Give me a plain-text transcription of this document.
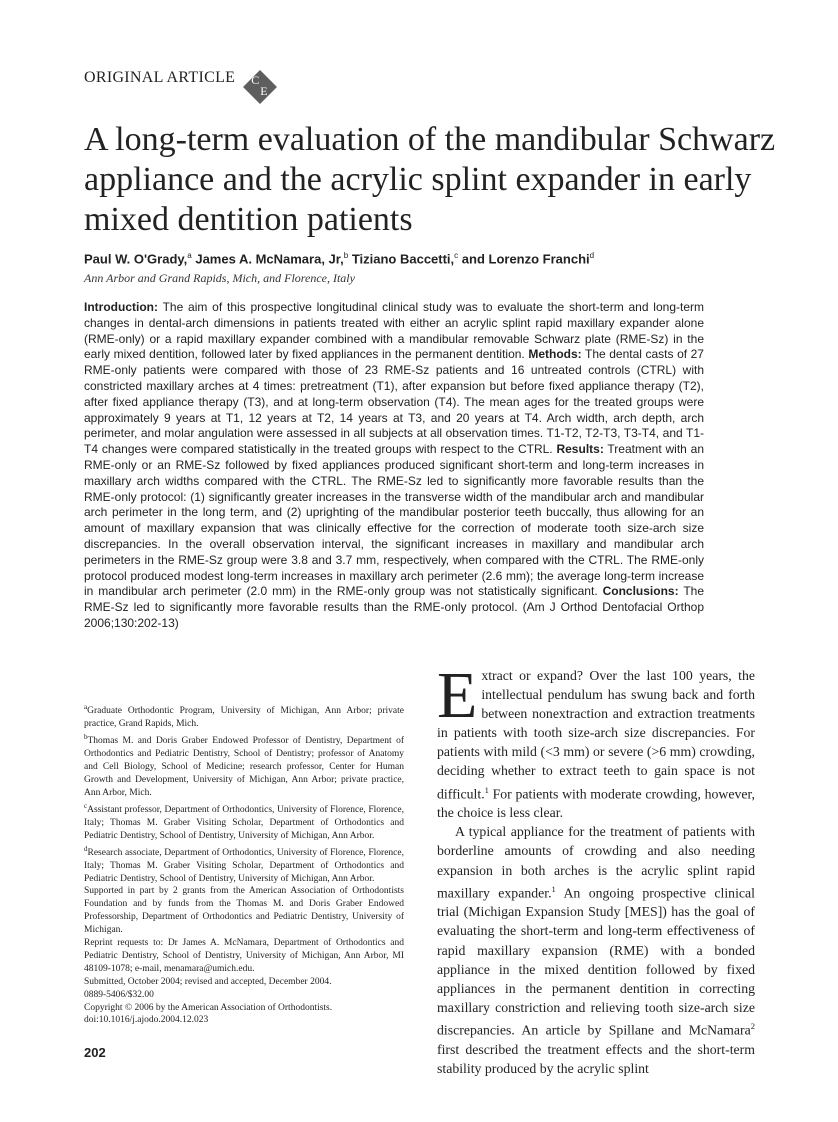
ORIGINAL ARTICLE C
E
A long-term evaluation of the mandibular Schwarz appliance and the acrylic splint expander in early mixed dentition patients
Paul W. O'Grady,$^a$ James A. McNamara, Jr,$^b$ Tiziano Baccetti,$^c$ and Lorenzo Franchi$^d$
Ann Arbor and Grand Rapids, Mich, and Florence, Italy

Introduction: The aim of this prospective longitudinal clinical study was to evaluate the short-term and long-term changes in dental-arch dimensions in patients treated with either an acrylic splint rapid maxillary expander alone (RME-only) or a rapid maxillary expander combined with a mandibular removable Schwarz plate (RME-Sz) in the early mixed dentition, followed later by fixed appliances in the permanent dentition. Methods: The dental casts of 27 RME-only patients were compared with those of 23 RME-Sz patients and 16 untreated controls (CTRL) with constricted maxillary arches at 4 times: pretreatment (T1), after expansion but before fixed appliance therapy (T2), after fixed appliance therapy (T3), and at long-term observation (T4). The mean ages for the treated groups were approximately 9 years at T1, 12 years at T2, 14 years at T3, and 20 years at T4. Arch width, arch depth, arch perimeter, and molar angulation were assessed in all subjects at all observation times. T1-T2, T2-T3, T3-T4, and T1-T4 changes were compared statistically in the treated groups with respect to the CTRL. Results: Treatment with an RME-only or an RME-Sz followed by fixed appliances produced significant short-term and long-term increases in maxillary arch widths compared with the CTRL. The RME-Sz led to significantly more favorable results than the RME-only protocol: (1) significantly greater increases in the transverse width of the mandibular arch and mandibular arch perimeter in the long term, and (2) uprighting of the mandibular posterior teeth buccally, thus allowing for an amount of maxillary expansion that was clinically effective for the correction of moderate tooth size-arch size discrepancies. In the overall observation interval, the significant increases in maxillary and mandibular arch perimeters in the RME-Sz group were 3.8 and 3.7 mm, respectively, when compared with the CTRL. The RME-only protocol produced modest long-term increases in maxillary arch perimeter (2.6 mm); the average long-term increase in mandibular arch perimeter (2.0 mm) in the RME-only group was not statistically significant. Conclusions: The RME-Sz led to significantly more favorable results than the RME-only protocol. (Am J Orthod Dentofacial Orthop 2006;130:202-13)

$^a$Graduate Orthodontic Program, University of Michigan, Ann Arbor; private practice, Grand Rapids, Mich.

$^b$Thomas M. and Doris Graber Endowed Professor of Dentistry, Department of Orthodontics and Pediatric Dentistry, School of Dentistry; professor of Anatomy and Cell Biology, School of Medicine; research professor, Center for Human Growth and Development, University of Michigan, Ann Arbor; private practice, Ann Arbor, Mich.

$^c$Assistant professor, Department of Orthodontics, University of Florence, Florence, Italy; Thomas M. Graber Visiting Scholar, Department of Orthodontics and Pediatric Dentistry, School of Dentistry, University of Michigan, Ann Arbor.

$^d$Research associate, Department of Orthodontics, University of Florence, Florence, Italy; Thomas M. Graber Visiting Scholar, Department of Orthodontics and Pediatric Dentistry, School of Dentistry, University of Michigan, Ann Arbor.

Supported in part by 2 grants from the American Association of Orthodontists Foundation and by funds from the Thomas M. and Doris Graber Endowed Professorship, Department of Orthodontics and Pediatric Dentistry, University of Michigan.

Reprint requests to: Dr James A. McNamara, Department of Orthodontics and Pediatric Dentistry, School of Dentistry, University of Michigan, Ann Arbor, MI 48109-1078; e-mail, menamara@umich.edu.

Submitted, October 2004; revised and accepted, December 2004.

0889-5406/$32.00

Copyright © 2006 by the American Association of Orthodontists.

doi:10.1016/j.ajodo.2004.12.023

Extract or expand? Over the last 100 years, the intellectual pendulum has swung back and forth between nonextraction and extraction treatments in patients with tooth size-arch size discrepancies. For patients with mild (<3 mm) or severe (>6 mm) crowding, deciding whether to extract teeth to gain space is not difficult.$^1$ For patients with moderate crowding, however, the choice is less clear.

A typical appliance for the treatment of patients with borderline amounts of crowding and also needing expansion in both arches is the acrylic splint rapid maxillary expander.$^1$ An ongoing prospective clinical trial (Michigan Expansion Study [MES]) has the goal of evaluating the short-term and long-term effectiveness of rapid maxillary expansion (RME) with a bonded appliance in the mixed dentition followed by fixed appliances in the permanent dentition in correcting maxillary constriction and relieving tooth size-arch size discrepancies. An article by Spillane and McNamara$^2$ first described the treatment effects and the short-term stability produced by the acrylic splint

202
